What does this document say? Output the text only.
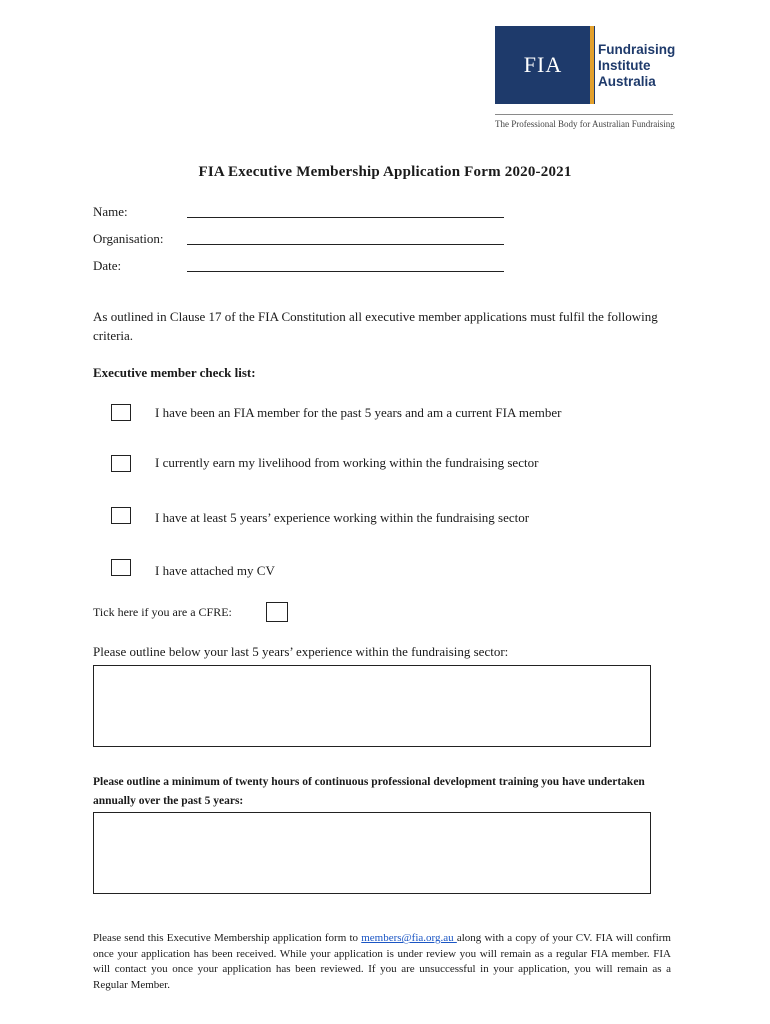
FIA
Fundraising
Institute
Australia
The Professional Body for Australian Fundraising
FIA Executive Membership Application Form 2020-2021
Name:
Organisation:
Date:
As outlined in Clause 17 of the FIA Constitution all executive member applications must fulfil the following criteria.
Executive member check list:
I have been an FIA member for the past 5 years and am a current FIA member
I currently earn my livelihood from working within the fundraising sector
I have at least 5 years’ experience working within the fundraising sector
I have attached my CV
Tick here if you are a CFRE:
Please outline below your last 5 years’ experience within the fundraising sector:
Please outline a minimum of twenty hours of continuous professional development training you have undertaken annually over the past 5 years:
Please send this Executive Membership application form to members@fia.org.au along with a copy of your CV. FIA will confirm once your application has been received. While your application is under review you will remain as a regular FIA member. FIA will contact you once your application has been reviewed. If you are unsuccessful in your application, you will remain as a Regular Member.
